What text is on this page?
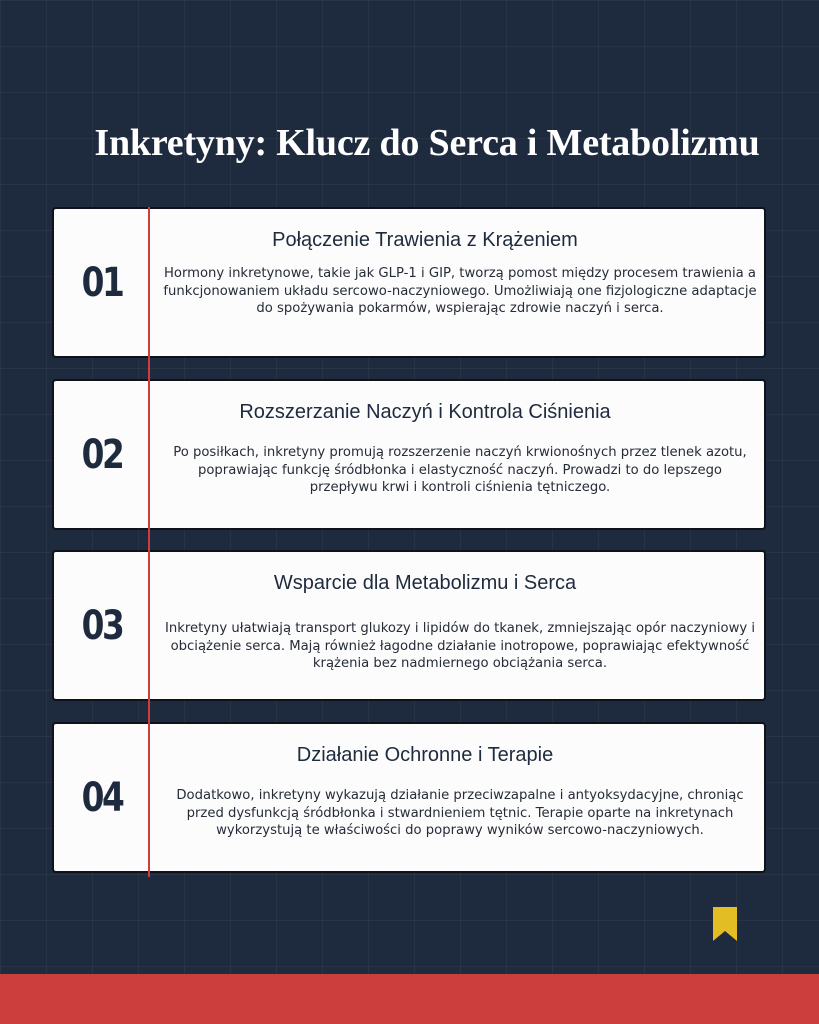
Inkretyny: Klucz do Serca i Metabolizmu
01
Połączenie Trawienia z Krążeniem

Hormony inkretynowe, takie jak GLP-1 i GIP, tworzą pomost między procesem trawienia a funkcjonowaniem układu sercowo-naczyniowego. Umożliwiają one fizjologiczne adaptacje do spożywania pokarmów, wspierając zdrowie naczyń i serca.

02
Rozszerzanie Naczyń i Kontrola Ciśnienia

Po posiłkach, inkretyny promują rozszerzenie naczyń krwionośnych przez tlenek azotu, poprawiając funkcję śródbłonka i elastyczność naczyń. Prowadzi to do lepszego przepływu krwi i kontroli ciśnienia tętniczego.

03
Wsparcie dla Metabolizmu i Serca

Inkretyny ułatwiają transport glukozy i lipidów do tkanek, zmniejszając opór naczyniowy i obciążenie serca. Mają również łagodne działanie inotropowe, poprawiając efektywność krążenia bez nadmiernego obciążania serca.

04
Działanie Ochronne i Terapie

Dodatkowo, inkretyny wykazują działanie przeciwzapalne i antyoksydacyjne, chroniąc przed dysfunkcją śródbłonka i stwardnieniem tętnic. Terapie oparte na inkretynach wykorzystują te właściwości do poprawy wyników sercowo-naczyniowych.
